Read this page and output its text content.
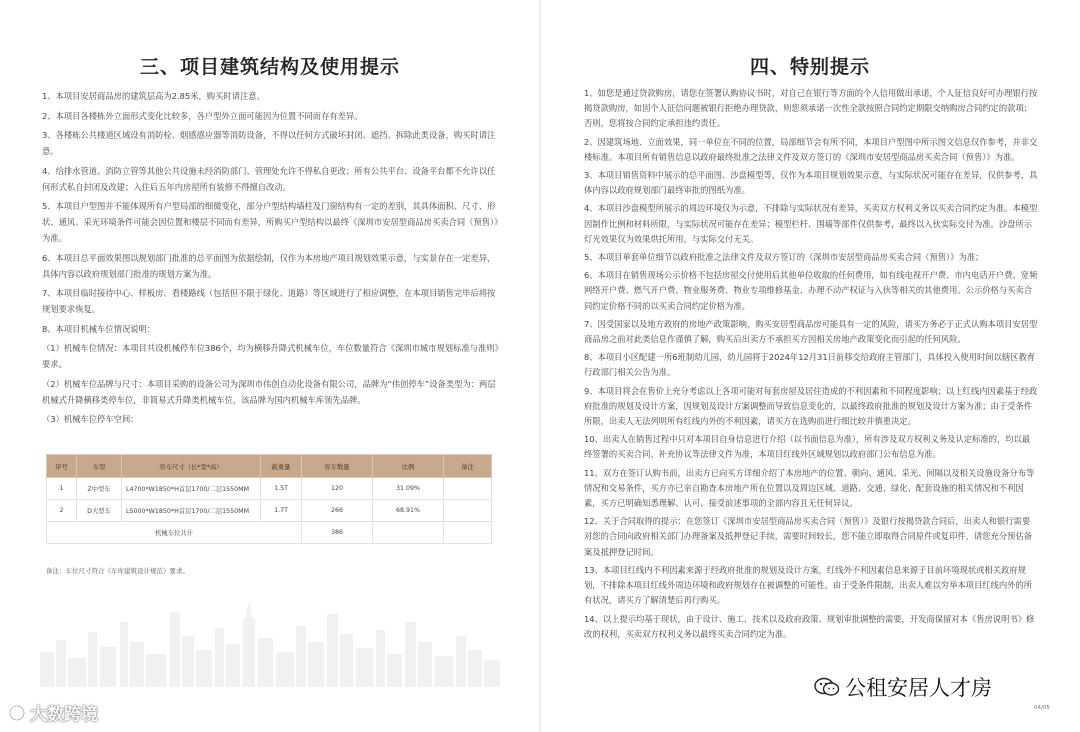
三、项目建筑结构及使用提示
1、本项目安居商品房的建筑层高为2.85米，购买时请注意。
2、本项目各楼栋外立面形式变化比较多，各户型外立面可能因为位置不同而存有差异。
3、各楼栋公共楼道区域设有消防栓、烟感感应器等消防设备，不得以任何方式破坏封闭、遮挡、拆除此类设备，购买时请注意。
4、给排水管道、消防立管等其他公共设施未经消防部门、管理处允许不得私自更改；所有公共平台、设备平台都不允许以任何形式私自封闭及改建；入住后五年内房屋所有装修不得擅自改动。
5、本项目户型图并不能体现所有户型局部的细微变化，部分户型结构墙柱及门窗结构有一定的差别，其具体面积、尺寸、形状、通风、采光环境条件可能会因位置和楼层不同而有差异，所购买户型结构以最终《深圳市安居型商品房买卖合同（预售）》为准。
6、本项目总平面效果图以规划部门批准的总平面图为依据绘制，仅作为本房地产项目规划效果示意，与实景存在一定差异，具体内容以政府规划部门批准的规划方案为准。
7、本项目临时接待中心、样板房、看楼路线（包括但不限于绿化、道路）等区域进行了相应调整，在本项目销售完毕后将按规划要求恢复。
8、本项目机械车位情况说明：
（1）机械车位情况：本项目共设机械停车位386个，均为横移升降式机械车位，车位数量符合《深圳市城市规划标准与准则》要求。
（2）机械车位品牌与尺寸：本项目采购的设备公司为深圳市伟创自动化设备有限公司，品牌为“伟创停车”设备类型为：两层机械式升降横移类停车位，非简易式升降类机械车位，该品牌为国内机械车库领先品牌。
（3）机械车位停车空间：
序号	车型	容车尺寸（长*宽*高）	载重量	容车数量	比例	备注
1	Z中型车	L4700*W1850*H首层1700/二层1550MM	1.5T	120	31.09%	
2	D大型车	L5000*W1850*H首层1700/二层1550MM	1.7T	266	68.91%	
机械车位共计				386		
备注：车位尺寸符合《车库建筑设计规范》要求。
四、特别提示
1、如您是通过贷款购房，请您在签署认购协议书时，对自己在银行等方面的个人信用做出承诺，个人征信良好可办理银行按揭贷款购房，如因个人征信问题被银行拒绝办理贷款，则您须承诺一次性全款按照合同约定期限交纳购房合同约定的款项；否则，您将按合同约定承担违约责任。
2、因建筑场地、立面效果，同一单位在不同的位置，局部细节会有所不同，本项目户型图中所示图文信息仅作参考，并非交楼标准。本项目所有销售信息以政府最终批准之法律文件及双方签订的《深圳市安居型商品房买卖合同（预售）》为准。
3、本项目销售资料中展示的总平面图、沙盘模型等，仅作为本项目规划效果示意，与实际状况可能存在差异，仅供参考，具体内容以政府规划部门最终审批的图纸为准。
4、本项目沙盘模型所展示的周边环境仅为示意，不排除与实际状况有差异，买卖双方权利义务以买卖合同约定为准。本模型因制作比例和材料所限，与实际状况可能存在差异；模型栏杆、围墙等部件仅供参考，最终以入伙实际交付为准。沙盘所示灯光效果仅为效果烘托所用，与实际交付无关。
5、本项目单套单位细节以政府批准之法律文件及双方签订的《深圳市安居型商品房买卖合同（预售）》为准；
6、本项目在销售现场公示价格不包括房屋交付使用后其他单位收取的任何费用，如有线电视开户费、市内电话开户费、宽频网络开户费、燃气开户费、物业服务费、物业专项维修基金、办理不动产权证与入伙等相关的其他费用。公示价格与买卖合同约定价格不同的以买卖合同约定价格为准。
7、因受国家以及地方政府的房地产政策影响，购买安居型商品房可能具有一定的风险，请买方务必于正式认购本项目安居型商品房之前对此类信息作谨慎了解，购买后出卖方不承担买方因相关房地产政策变化而引起的任何风险。
8、本项目小区配建一所6班制幼儿园，幼儿园将于2024年12月31日前移交给政府主管部门，具体投入使用时间以辖区教育行政部门相关公告为准。
9、本项目将会在售价上充分考虑以上各项可能对每套房屋及居住造成的不利因素和不同程度影响；以上红线内因素基于经政府批准的规划及设计方案，因规划及设计方案调整而导致信息变化的，以最终政府批准的规划及设计方案为准；由于受条件所限，出卖人无法列明所有红线内外的不利因素，请买方在选购前进行细比较并慎重决定。
10、出卖人在销售过程中只对本项目自身信息进行介绍（以书面信息为准），所有涉及双方权利义务及认定标准的，均以最终签署的买卖合同、补充协议等法律文件为准，本项目红线外区域规划以政府部门公布信息为准。
11、双方在签订认购书前，出卖方已向买方详细介绍了本房地产的位置、朝向、通风、采光、间隔以及相关设施设备分布等情况和交易条件，买方亦已亲自勘查本房地产所在位置以及周边区域、道路、交通、绿化、配套设施的相关情况和不利因素，买方已明确知悉理解、认可、接受前述事项的全部内容且无任何异议。
12、关于合同取得的提示：在您签订《深圳市安居型商品房买卖合同（预售）》及银行按揭贷款合同后，出卖人和银行需要对您的合同向政府相关部门办理备案及抵押登记手续，需要时间较长，您不能立即取得合同原件或复印件，请您充分预估备案及抵押登记时间。
13、本项目红线内不利因素来源于经政府批准的规划及设计方案，红线外不利因素信息来源于目前环境现状或相关政府规划，不排除本项目红线外周边环境和政府规划存在被调整的可能性。由于受条件限制，出卖人难以穷举本项目红线内外的所有状况，请买方了解清楚后再行购买。
14、以上提示均基于现状，由于设计、施工、技术以及政府政策、规划审批调整的需要，开发商保留对本《售房说明书》修改的权利，买卖双方权利义务以最终买卖合同约定为准。
大数跨境
公租安居人才房
04/05
